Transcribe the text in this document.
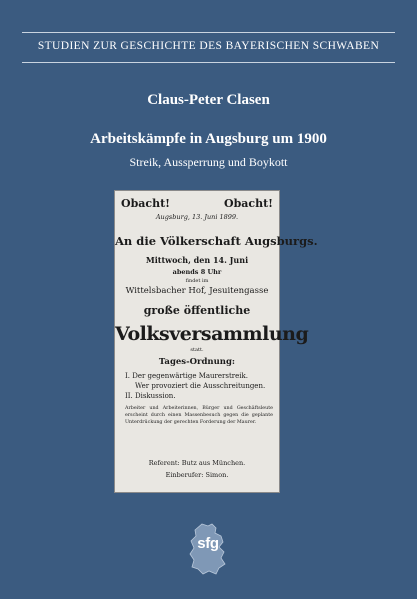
STUDIEN ZUR GESCHICHTE DES BAYERISCHEN SCHWABEN
Claus-Peter Clasen
Arbeitskämpfe in Augsburg um 1900
Streik, Aussperrung und Boykott
Obacht!	Obacht!
Augsburg, 13. Juni 1899.
An die Völkerschaft Augsburgs.
Mittwoch, den 14. Juni
abends 8 Uhr
findet im
Wittelsbacher Hof, Jesuitengasse
große öffentliche
Volksversammlung
statt.
Tages-Ordnung:
I. Der gegenwärtige Maurerstreik.
Wer provoziert die Ausschreitungen.
II. Diskussion.
Arbeiter und Arbeiterinnen, Bürger und Geschäftsleute erscheint durch einen Massenbesuch gegen die geplante Unterdrückung der gerechten Forderung der Maurer.
Referent: Butz aus München.
Einberufer: Simon.
sfg
